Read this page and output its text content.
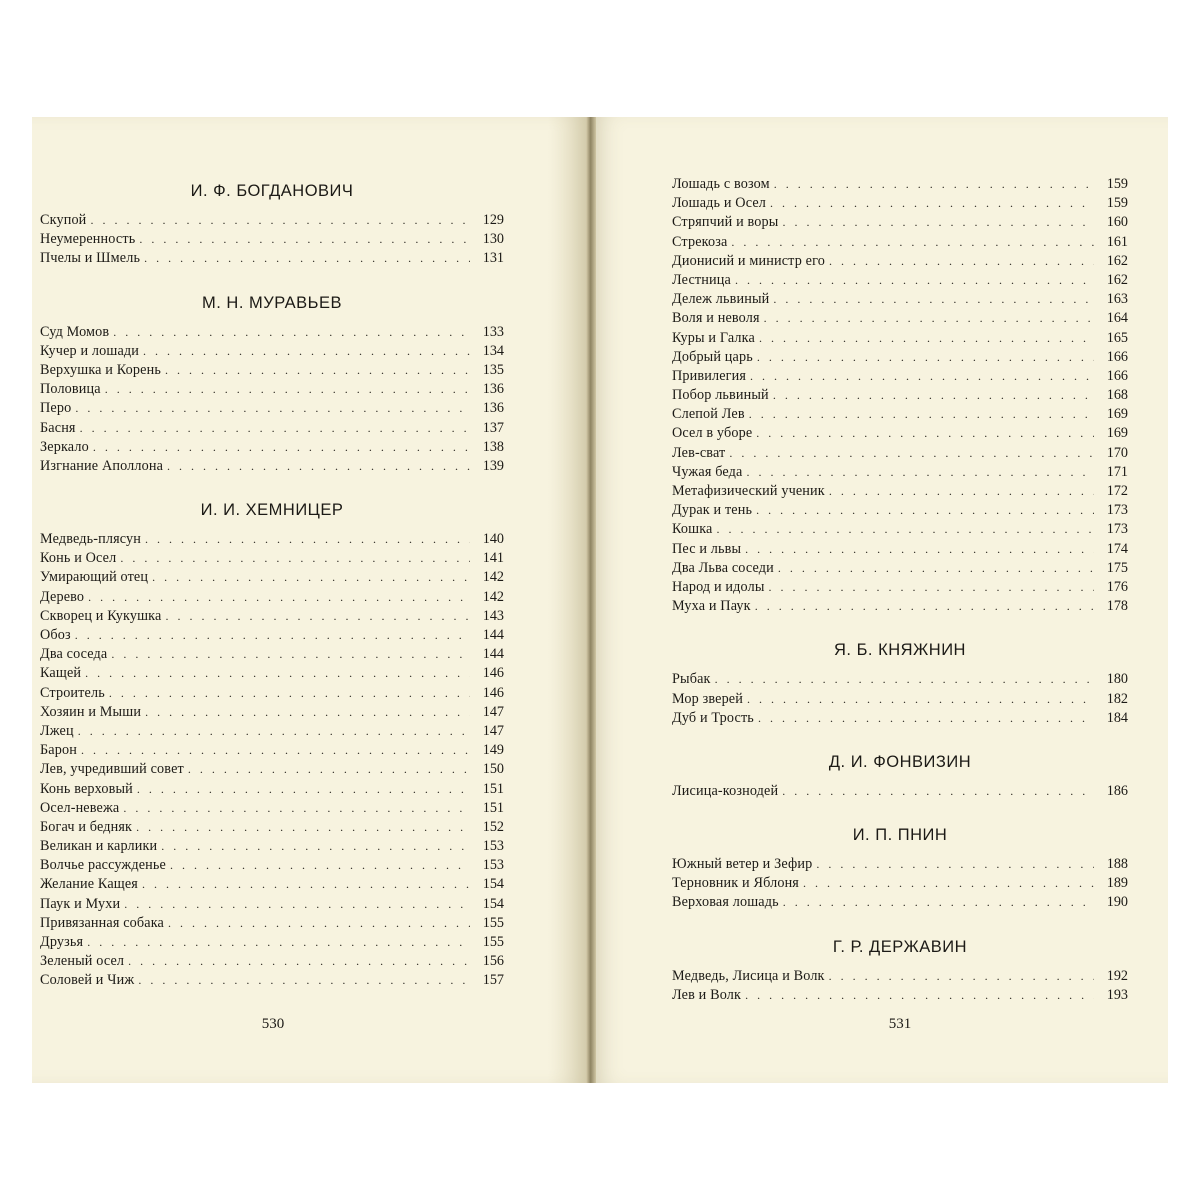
И. Ф. БОГДАНОВИЧ
Скупой .....	129
Неумеренность .....	130
Пчелы и Шмель .....	131
М. Н. МУРАВЬЕВ
Суд Момов .....	133
Кучер и лошади .....	134
Верхушка и Корень .....	135
Половица .....	136
Перо .....	136
Басня .....	137
Зеркало .....	138
Изгнание Аполлона .....	139
И. И. ХЕМНИЦЕР
Медведь-плясун .....	140
Конь и Осел .....	141
Умирающий отец .....	142
Дерево .....	142
Скворец и Кукушка .....	143
Обоз .....	144
Два соседа .....	144
Кащей .....	146
Строитель .....	146
Хозяин и Мыши .....	147
Лжец .....	147
Барон .....	149
Лев, учредивший совет .....	150
Конь верховый .....	151
Осел-невежа .....	151
Богач и бедняк .....	152
Великан и карлики .....	153
Волчье рассужденье .....	153
Желание Кащея .....	154
Паук и Мухи .....	154
Привязанная собака .....	155
Друзья .....	155
Зеленый осел .....	156
Соловей и Чиж .....	157
Лошадь с возом .....	159
Лошадь и Осел .....	159
Стряпчий и воры .....	160
Стрекоза .....	161
Дионисий и министр его .....	162
Лестница .....	162
Дележ львиный .....	163
Воля и неволя .....	164
Куры и Галка .....	165
Добрый царь .....	166
Привилегия .....	166
Побор львиный .....	168
Слепой Лев .....	169
Осел в уборе .....	169
Лев-сват .....	170
Чужая беда .....	171
Метафизический ученик .....	172
Дурак и тень .....	173
Кошка .....	173
Пес и львы .....	174
Два Льва соседи .....	175
Народ и идолы .....	176
Муха и Паук .....	178
Я. Б. КНЯЖНИН
Рыбак .....	180
Мор зверей .....	182
Дуб и Трость .....	184
Д. И. ФОНВИЗИН
Лисица-козноде͏й .....	186
И. П. ПНИН
Южный ветер и Зефир .....	188
Терновник и Яблоня .....	189
Верховая лошадь .....	190
Г. Р. ДЕРЖАВИН
Медведь, Лисица и Волк .....	192
Лев и Волк .....	193
530	531
